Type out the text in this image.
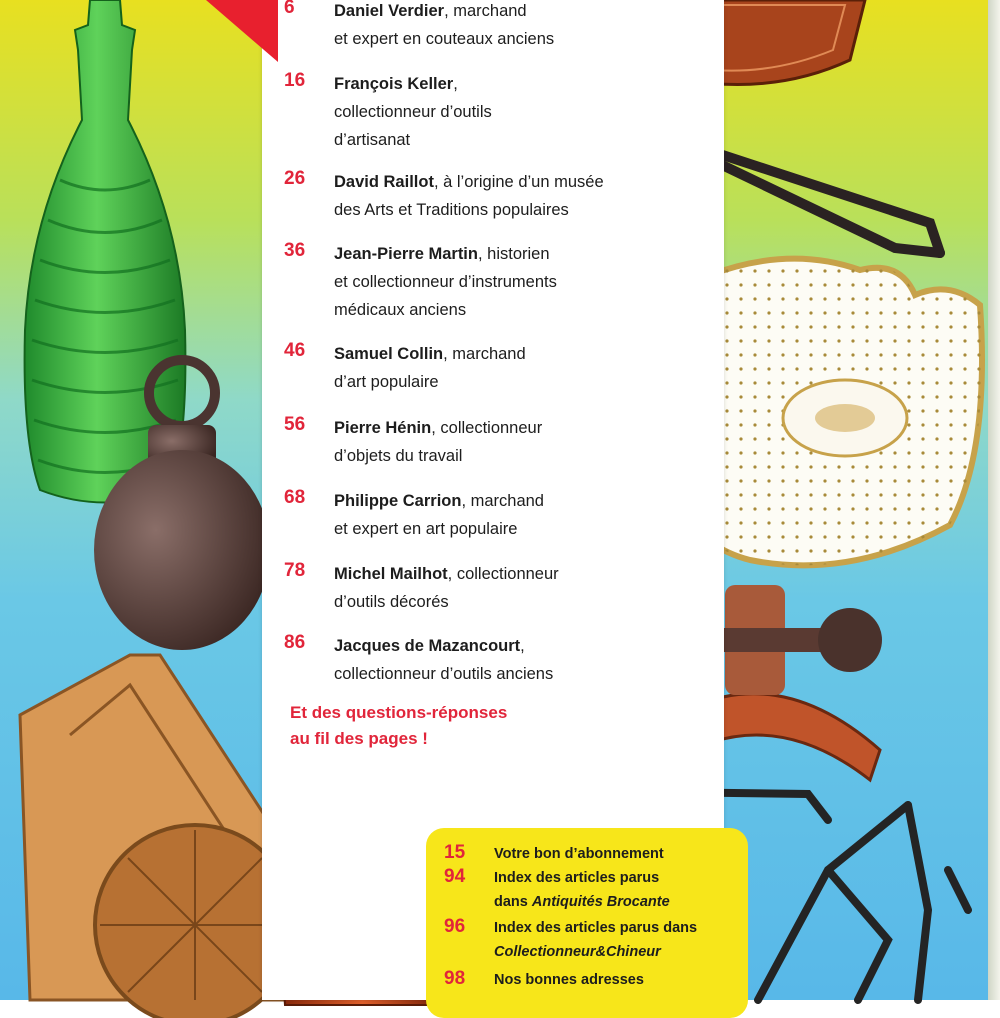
6	Daniel Verdier, marchand
et expert en couteaux anciens
16	François Keller,
collectionneur d’outils
d’artisanat
26	David Raillot, à l’origine d’un musée
des Arts et Traditions populaires
36	Jean-Pierre Martin, historien
et collectionneur d’instruments
médicaux anciens
46	Samuel Collin, marchand
d’art populaire
56	Pierre Hénin, collectionneur
d’objets du travail
68	Philippe Carrion, marchand
et expert en art populaire
78	Michel Mailhot, collectionneur
d’outils décorés
86	Jacques de Mazancourt,
collectionneur d’outils anciens
Et des questions-réponses
au fil des pages !
15	Votre bon d’abonnement
94	Index des articles parus
dans Antiquités Brocante
96	Index des articles parus dans
Collectionneur&Chineur
98	Nos bonnes adresses
